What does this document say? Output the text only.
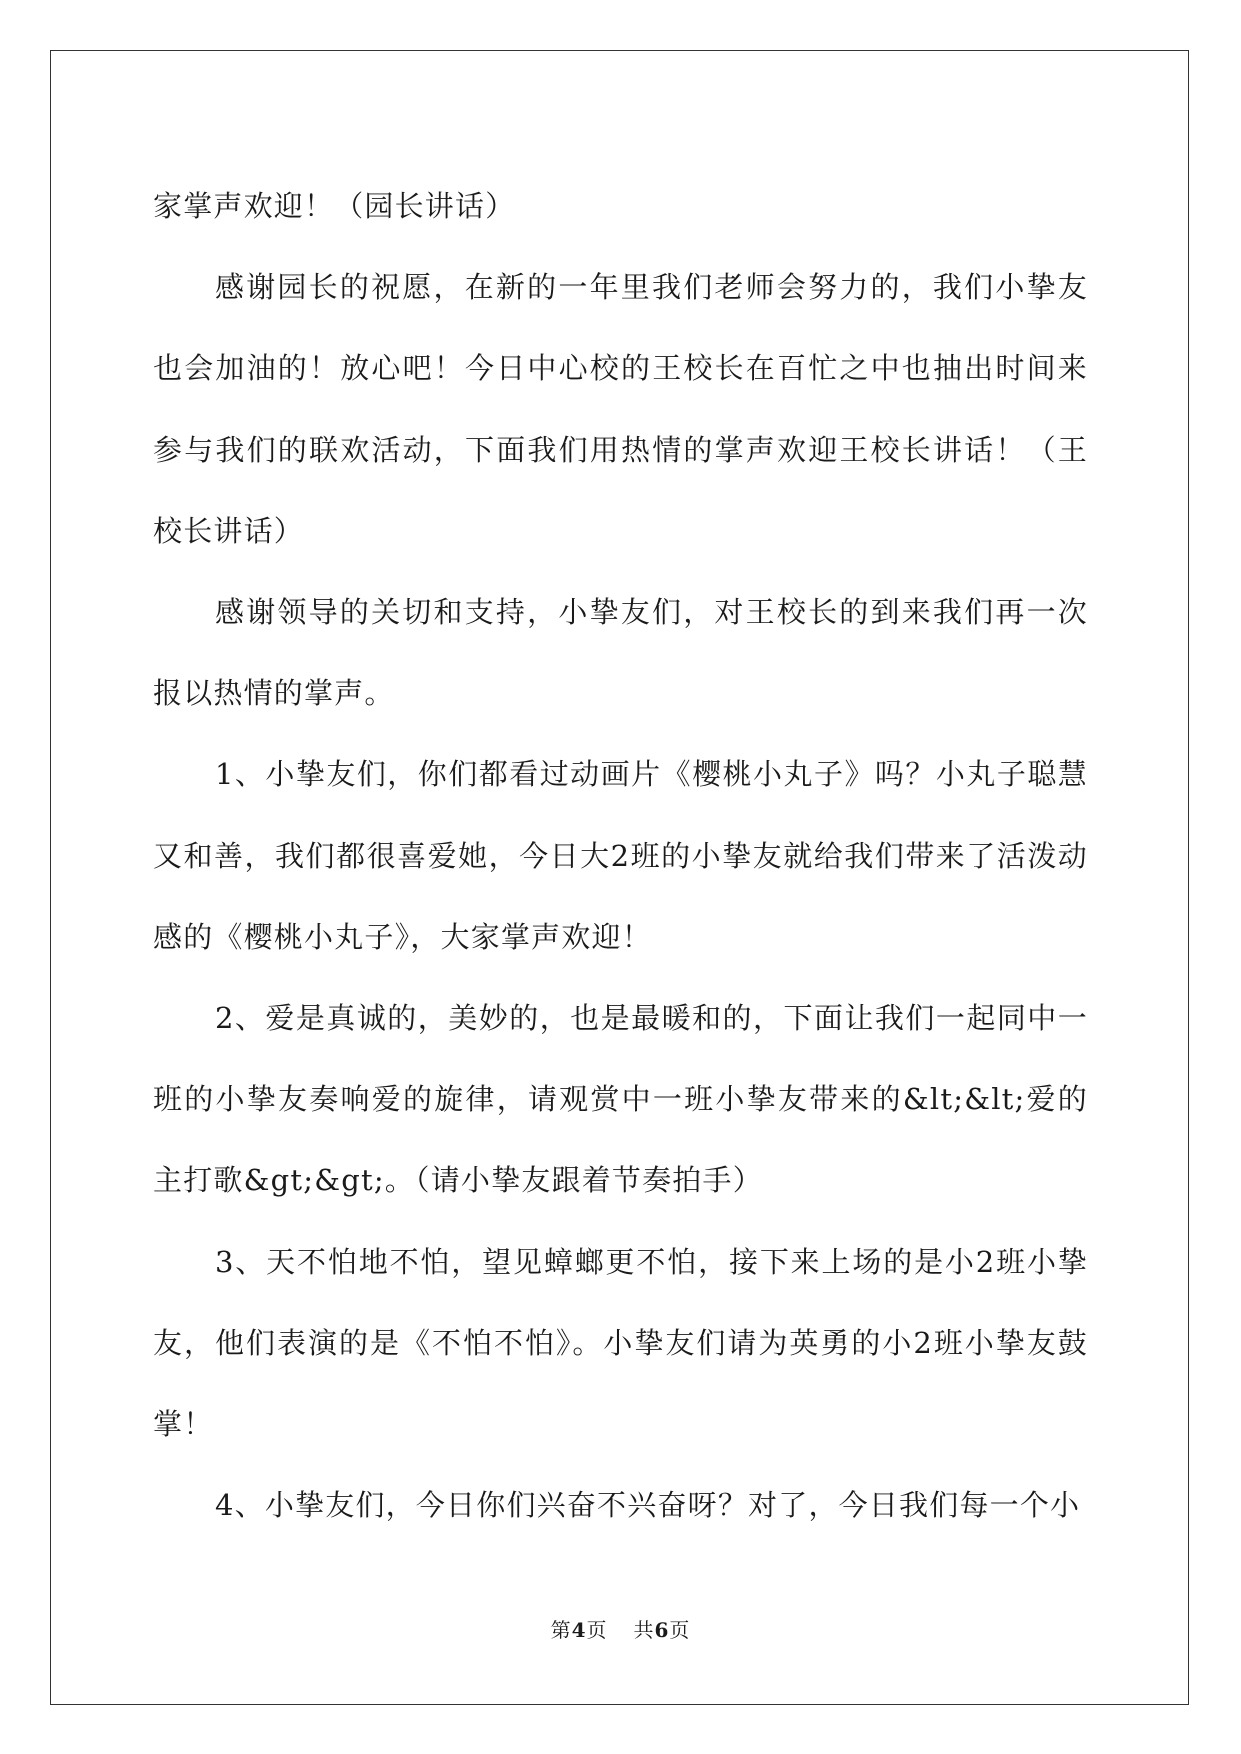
家掌声欢迎！（园长讲话）

感谢园长的祝愿，在新的一年里我们老师会努力的，我们小挚友也会加油的！放心吧！今日中心校的王校长在百忙之中也抽出时间来参与我们的联欢活动，下面我们用热情的掌声欢迎王校长讲话！（王校长讲话）

感谢领导的关切和支持，小挚友们，对王校长的到来我们再一次报以热情的掌声。

1、小挚友们，你们都看过动画片《樱桃小丸子》吗？小丸子聪慧又和善，我们都很喜爱她，今日大2班的小挚友就给我们带来了活泼动感的《樱桃小丸子》，大家掌声欢迎！

2、爱是真诚的，美妙的，也是最暖和的，下面让我们一起同中一班的小挚友奏响爱的旋律，请观赏中一班小挚友带来的&lt;&lt;爱的主打歌&gt;&gt;。（请小挚友跟着节奏拍手）

3、天不怕地不怕，望见蟑螂更不怕，接下来上场的是小2班小挚友，他们表演的是《不怕不怕》。小挚友们请为英勇的小2班小挚友鼓掌！

4、小挚友们，今日你们兴奋不兴奋呀？对了，今日我们每一个小

第4页 共6页
